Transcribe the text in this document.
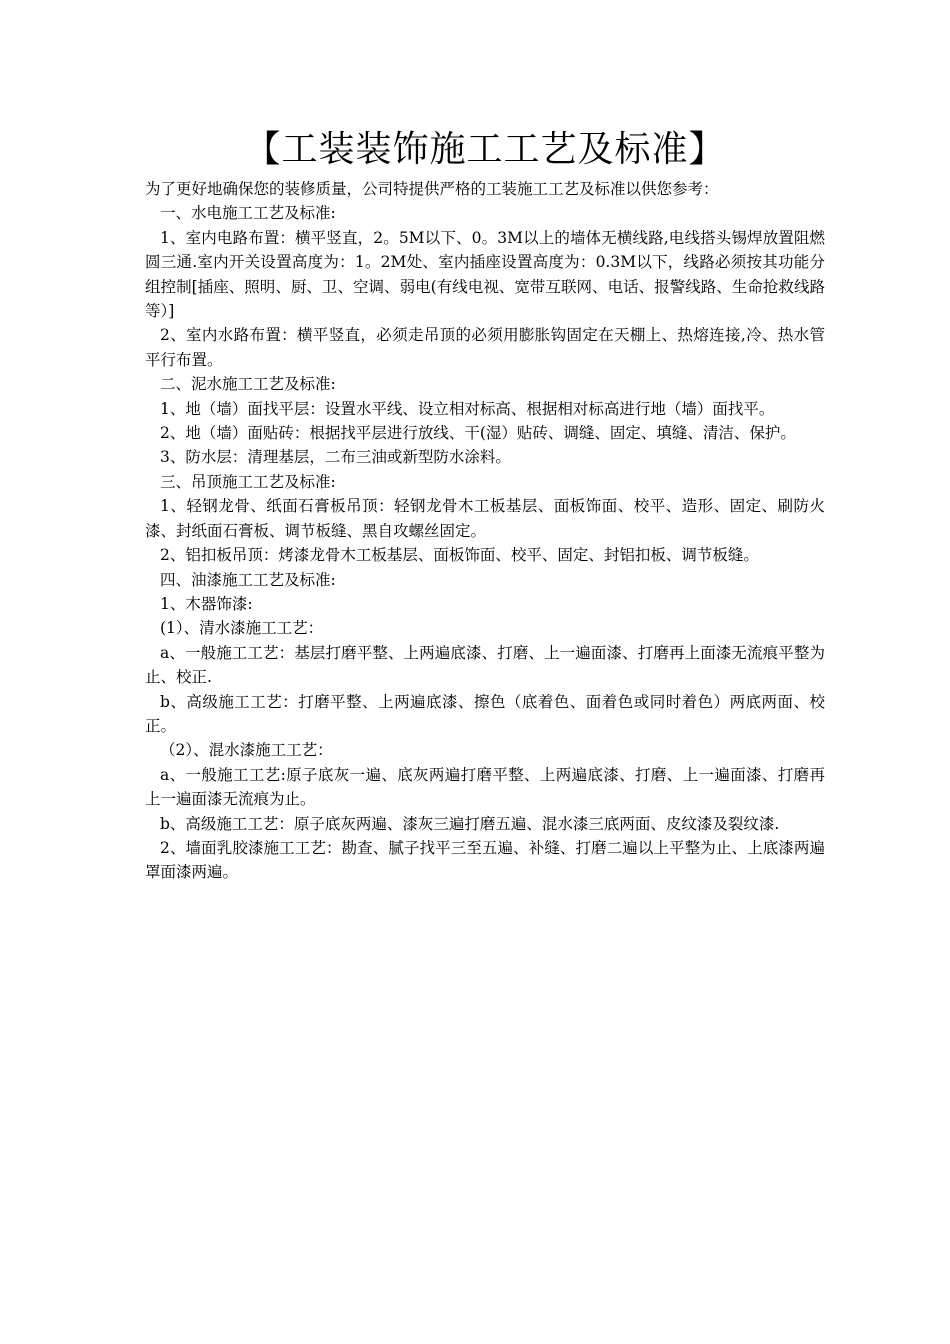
【工装装饰施工工艺及标准】

为了更好地确保您的装修质量，公司特提供严格的工装施工工艺及标准以供您参考：

一、水电施工工艺及标准:

1、室内电路布置：横平竖直，2。5M以下、0。3M以上的墙体无横线路,电线搭头锡焊放置阻燃圆三通.室内开关设置高度为：1。2M处、室内插座设置高度为：0.3M以下，线路必须按其功能分组控制[插座、照明、厨、卫、空调、弱电(有线电视、宽带互联网、电话、报警线路、生命抢救线路等）]

2、室内水路布置：横平竖直，必须走吊顶的必须用膨胀钩固定在天棚上、热熔连接,冷、热水管平行布置。

二、泥水施工工艺及标准:

1、地（墙）面找平层：设置水平线、设立相对标高、根据相对标高进行地（墙）面找平。

2、地（墙）面贴砖：根据找平层进行放线、干(湿）贴砖、调缝、固定、填缝、清洁、保护。

3、防水层：清理基层，二布三油或新型防水涂料。

三、吊顶施工工艺及标准:

1、轻钢龙骨、纸面石膏板吊顶：轻钢龙骨木工板基层、面板饰面、校平、造形、固定、刷防火漆、封纸面石膏板、调节板缝、黑自攻螺丝固定。

2、铝扣板吊顶：烤漆龙骨木工板基层、面板饰面、校平、固定、封铝扣板、调节板缝。

四、油漆施工工艺及标准:

1、木器饰漆:

(1）、清水漆施工工艺：

a、一般施工工艺：基层打磨平整、上两遍底漆、打磨、上一遍面漆、打磨再上面漆无流痕平整为止、校正.

b、高级施工工艺：打磨平整、上两遍底漆、擦色（底着色、面着色或同时着色）两底两面、校正。

（2）、混水漆施工工艺：

a、一般施工工艺:原子底灰一遍、底灰两遍打磨平整、上两遍底漆、打磨、上一遍面漆、打磨再上一遍面漆无流痕为止。

b、高级施工工艺：原子底灰两遍、漆灰三遍打磨五遍、混水漆三底两面、皮纹漆及裂纹漆.

2、墙面乳胶漆施工工艺：勘查、腻子找平三至五遍、补缝、打磨二遍以上平整为止、上底漆两遍罩面漆两遍。
